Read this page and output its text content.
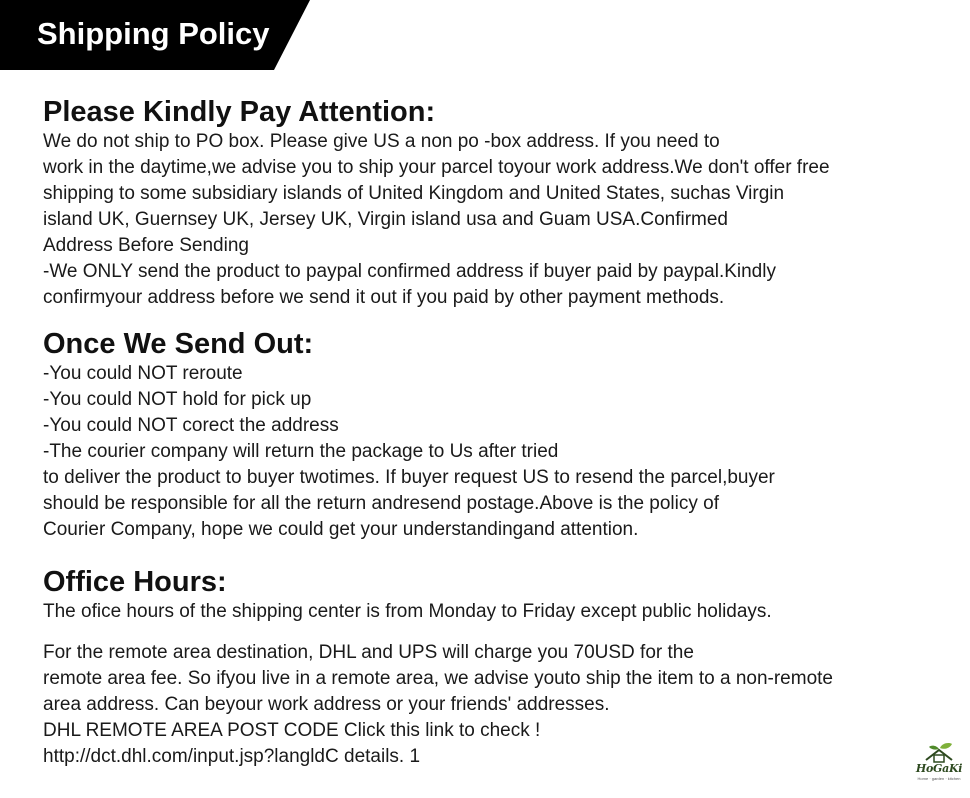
Shipping Policy
Please Kindly Pay Attention:
We do not ship to PO box. Please give US a non po -box address. If you need to
work in the daytime,we advise you to ship your parcel toyour work address.We don't offer free
shipping to some subsidiary islands of United Kingdom and United States, suchas Virgin
island UK, Guernsey UK, Jersey UK, Virgin island usa and Guam USA.Confirmed
Address Before Sending
-We ONLY send the product to paypal confirmed address if buyer paid by paypal.Kindly
confirmyour address before we send it out if you paid by other payment methods.
Once We Send Out:
-You could NOT reroute
-You could NOT hold for pick up
-You could NOT corect the address
-The courier company will return the package to Us after tried
to deliver the product to buyer twotimes. If buyer request US to resend the parcel,buyer
should be responsible for all the return andresend postage.Above is the policy of
Courier Company, hope we could get your understandingand attention.
Office Hours:
The ofice hours of the shipping center is from Monday to Friday except public holidays.
For the remote area destination, DHL and UPS will charge you 70USD for the
remote area fee. So ifyou live in a remote area, we advise youto ship the item to a non-remote
area address. Can beyour work address or your friends' addresses.
DHL REMOTE AREA POST CODE Click this link to check !
http://dct.dhl.com/input.jsp?langldC details. 1
HoGaKi
Home · garden · kitchen
